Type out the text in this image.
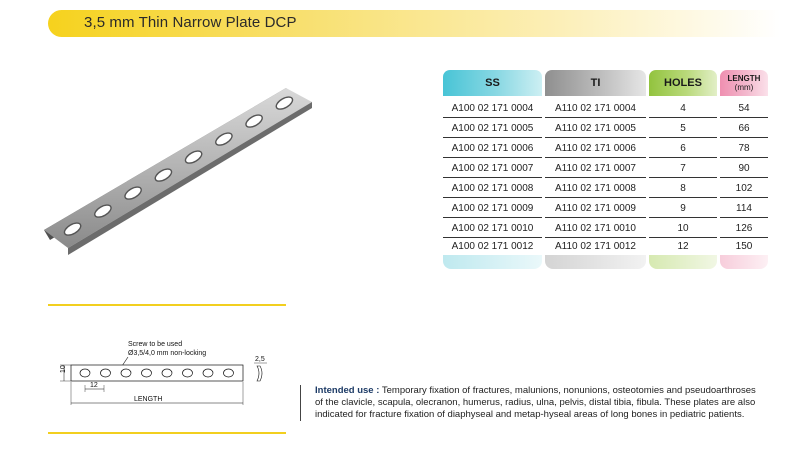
3,5 mm Thin Narrow Plate DCP
SS	TI	HOLES	LENGTH
(mm)
A100 02 171 0004	A110 02 171 0004	4	54
A100 02 171 0005	A110 02 171 0005	5	66
A100 02 171 0006	A110 02 171 0006	6	78
A100 02 171 0007	A110 02 171 0007	7	90
A100 02 171 0008	A110 02 171 0008	8	102
A100 02 171 0009	A110 02 171 0009	9	114
A100 02 171 0010	A110 02 171 0010	10	126
A100 02 171 0012	A110 02 171 0012	12	150
Screw to be used
Ø3,5/4,0 mm non-locking
10
12
LENGTH
2,5
Intended use : Temporary fixation of fractures, malunions, nonunions, osteotomies and pseudoarthroses of the clavicle, scapula, olecranon, humerus, radius, ulna, pelvis, distal tibia, fibula. These plates are also indicated for fracture fixation of diaphyseal and metap-hyseal areas of long bones in pediatric patients.
